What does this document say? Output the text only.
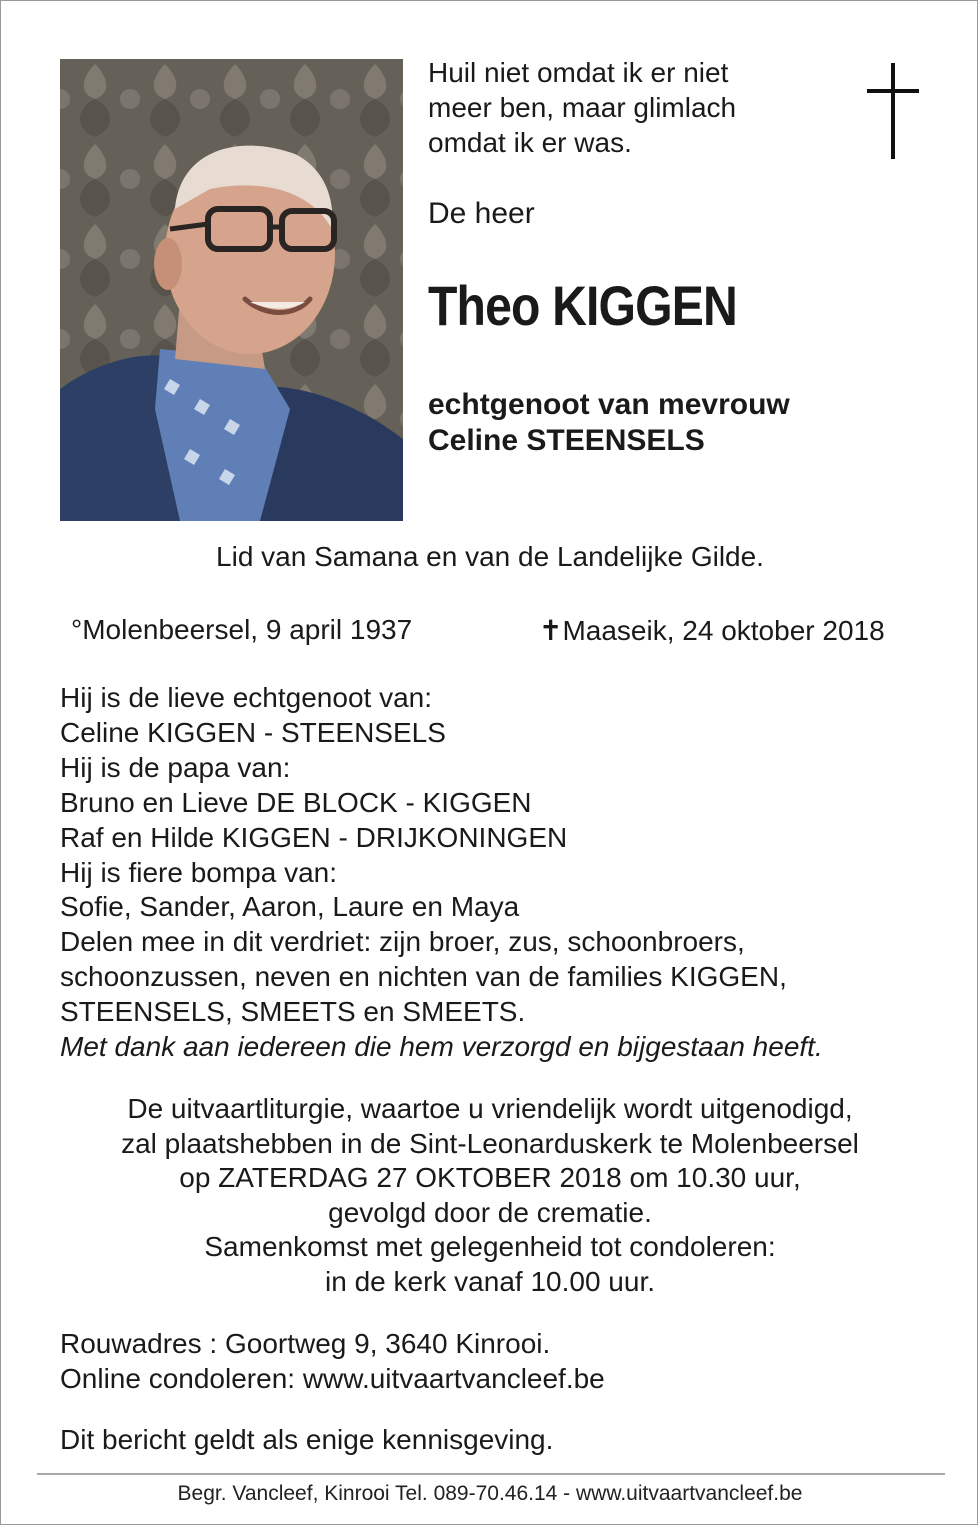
Huil niet omdat ik er niet
meer ben, maar glimlach
omdat ik er was.
De heer
Theo KIGGEN
echtgenoot van mevrouw
Celine STEENSELS
Lid van Samana en van de Landelijke Gilde.
°Molenbeersel, 9 april 1937	✝Maaseik, 24 oktober 2018
Hij is de lieve echtgenoot van:
Celine KIGGEN - STEENSELS
Hij is de papa van:
Bruno en Lieve DE BLOCK - KIGGEN
Raf en Hilde KIGGEN - DRIJKONINGEN
Hij is fiere bompa van:
Sofie, Sander, Aaron, Laure en Maya
Delen mee in dit verdriet: zijn broer, zus, schoonbroers,
schoonzussen, neven en nichten van de families KIGGEN,
STEENSELS, SMEETS en SMEETS.
Met dank aan iedereen die hem verzorgd en bijgestaan heeft.
De uitvaartliturgie, waartoe u vriendelijk wordt uitgenodigd,
zal plaatshebben in de Sint-Leonarduskerk te Molenbeersel
op ZATERDAG 27 OKTOBER 2018 om 10.30 uur,
gevolgd door de crematie.
Samenkomst met gelegenheid tot condoleren:
in de kerk vanaf 10.00 uur.
Rouwadres : Goortweg 9, 3640 Kinrooi.
Online condoleren: www.uitvaartvancleef.be
Dit bericht geldt als enige kennisgeving.
Begr. Vancleef, Kinrooi Tel. 089-70.46.14 - www.uitvaartvancleef.be
